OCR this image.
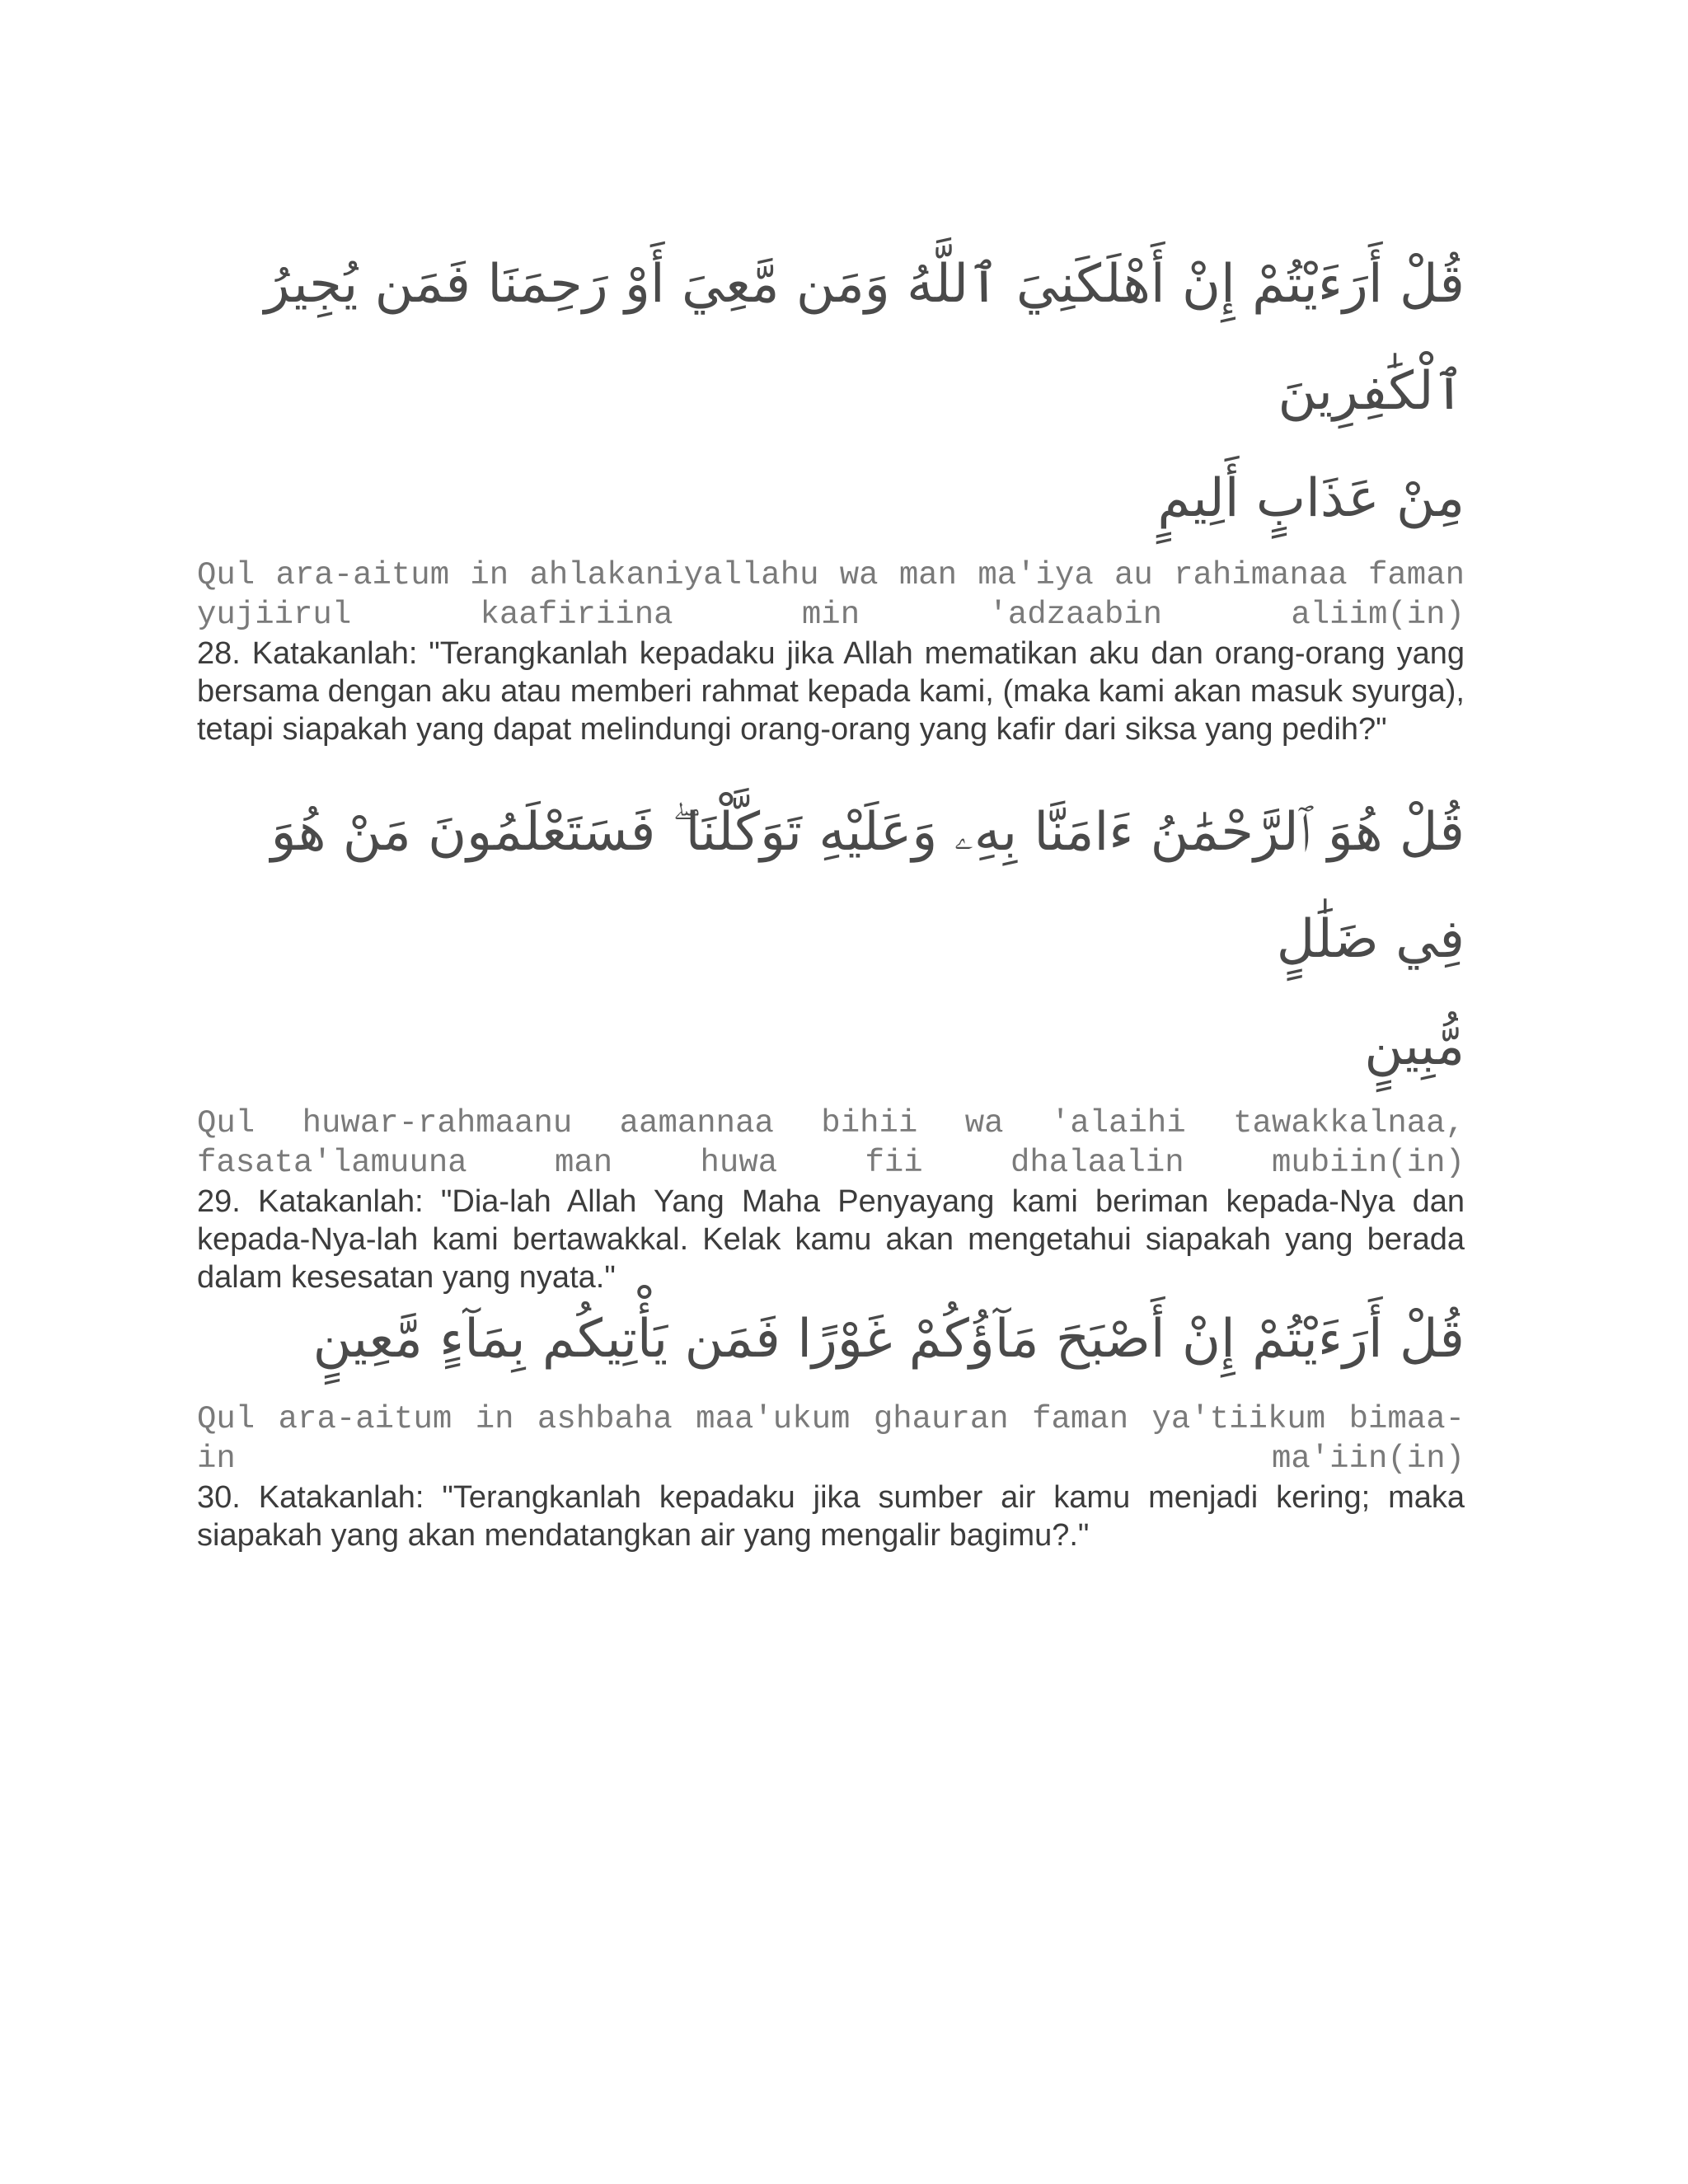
قُلْ أَرَءَيْتُمْ إِنْ أَهْلَكَنِيَ ٱللَّهُ وَمَن مَّعِيَ أَوْ رَحِمَنَا فَمَن يُجِيرُ ٱلْكَٰفِرِينَ

مِنْ عَذَابٍ أَلِيمٍ

Qul ara-aitum in ahlakaniyallahu wa man ma'iya au rahimanaa faman yujiirul kaafiriina min 'adzaabin aliim(in)

28. Katakanlah: "Terangkanlah kepadaku jika Allah mematikan aku dan orang-orang yang bersama dengan aku atau memberi rahmat kepada kami, (maka kami akan masuk syurga), tetapi siapakah yang dapat melindungi orang-orang yang kafir dari siksa yang pedih?"

قُلْ هُوَ ٱلرَّحْمَٰنُ ءَامَنَّا بِهِۦ وَعَلَيْهِ تَوَكَّلْنَا ۖ فَسَتَعْلَمُونَ مَنْ هُوَ فِي ضَلَٰلٍ

مُّبِينٍ

Qul huwar-rahmaanu aamannaa bihii wa 'alaihi tawakkalnaa, fasata'lamuuna man huwa fii dhalaalin mubiin(in)

29. Katakanlah: "Dia-lah Allah Yang Maha Penyayang kami beriman kepada-Nya dan kepada-Nya-lah kami bertawakkal. Kelak kamu akan mengetahui siapakah yang berada dalam kesesatan yang nyata."

قُلْ أَرَءَيْتُمْ إِنْ أَصْبَحَ مَآؤُكُمْ غَوْرًا فَمَن يَأْتِيكُم بِمَآءٍ مَّعِينٍ

Qul ara-aitum in ashbaha maa'ukum ghauran faman ya'tiikum bimaa-in ma'iin(in)

30. Katakanlah: "Terangkanlah kepadaku jika sumber air kamu menjadi kering; maka siapakah yang akan mendatangkan air yang mengalir bagimu?."
